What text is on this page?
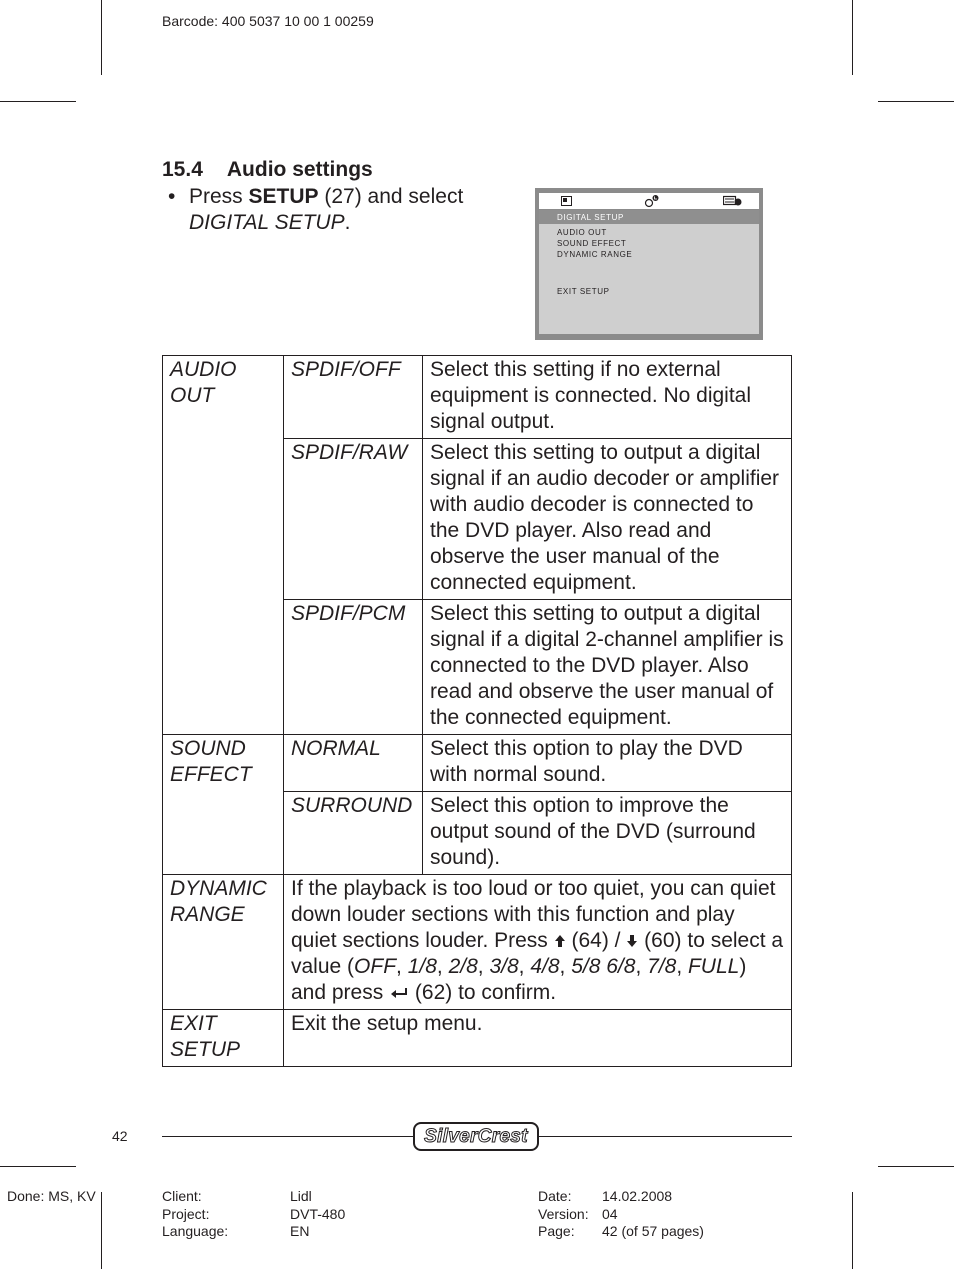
Barcode: 400 5037 10 00 1 00259
15.4 Audio settings
• Press SETUP (27) and select
DIGITAL SETUP.	DIGITAL SETUP
AUDIO OUT
SOUND EFFECT
DYNAMIC RANGE
EXIT SETUP
AUDIO OUT	SPDIF/OFF	Select this setting if no external equipment is connected. No digital signal output.
	SPDIF/RAW	Select this setting to output a digital signal if an audio decoder or amplifier with audio decoder is connected to the DVD player. Also read and observe the user manual of the connected equipment.
	SPDIF/PCM	Select this setting to output a digital signal if a digital 2-channel amplifier is connected to the DVD player. Also read and observe the user manual of the connected equipment.
SOUND EFFECT	NORMAL	Select this option to play the DVD with normal sound.
	SURROUND	Select this option to improve the output sound of the DVD (surround sound).
DYNAMIC RANGE	If the playback is too loud or too quiet, you can quiet down louder sections with this function and play quiet sections louder. Press  (64) /  (60) to select a value (OFF, 1/8, 2/8, 3/8, 4/8, 5/8 6/8, 7/8, FULL) and press  (62) to confirm.	
EXIT SETUP	Exit the setup menu.	
42	SilverCrest
Done: MS, KV	Client:	Lidl
Project:	DVT-480
Language:	EN
Date: 14.02.2008
Version: 04
Page: 42 (of 57 pages)
